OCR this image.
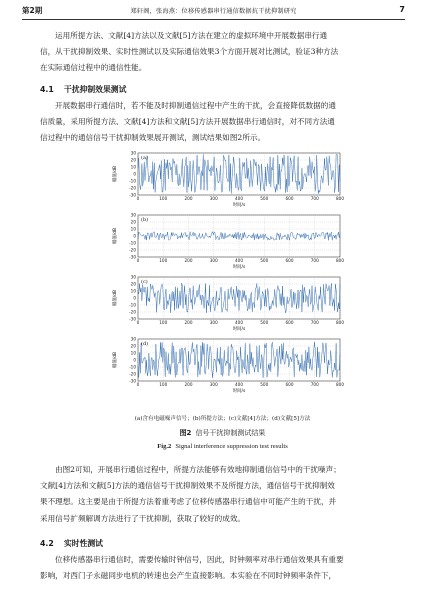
第2期	郑轩阁，张海燕：位移传感器串行通信数据抗干扰抑制研究	7
运用所提方法、文献[4]方法以及文献[5]方法在建立的虚拟环境中开展数据串行通
信，从干扰抑制效果、实时性测试以及实际通信效果3个方面开展对比测试，验证3种方法
在实际通信过程中的通信性能。
4.1 干扰抑制效果测试
开展数据串行通信时，若不能及时抑制通信过程中产生的干扰，会直接降低数据的通
信质量，采用所提方法、文献[4]方法和文献[5]方法开展数据串行通信时，对不同方法通
信过程中的通信信号干扰抑制效果展开测试，测试结果如图2所示。
30
20
10
0
-10
-20
-30
0	100	200	300	400	500	600	700	800
(a)
幅值/dB
时间/s
30
20
10
0
-10
-20
-30
0	100	200	300	400	500	600	700	800
(b)
幅值/dB
时间/s
30
20
10
0
-10
-20
-30
0	100	200	300	400	500	600	700	800
(c)
幅值/dB
时间/s
30
20
10
0
-10
-20
-30
0	100	200	300	400	500	600	700	800
(d)
幅值/dB
时间/s
(a)含有电磁噪声信号；(b)所提方法；(c)文献[4]方法；(d)文献[5]方法
图2 信号干扰抑制测试结果
Fig.2 Signal interference suppression test results
由图2可知，开展串行通信过程中，所提方法能够有效地抑制通信信号中的干扰噪声；
文献[4]方法和文献[5]方法的通信信号干扰抑制效果不及所提方法，通信信号干扰抑制效
果不理想。这主要是由于所提方法着重考虑了位移传感器串行通信中可能产生的干扰，并
采用信号扩频解调方法进行了干扰抑制，获取了较好的成效。
4.2 实时性测试
位移传感器串行通信时，需要传输时钟信号，因此，时钟频率对串行通信效果具有重要
影响，对西门子永磁同步电机的转速也会产生直接影响。本实验在不同时钟频率条件下，
